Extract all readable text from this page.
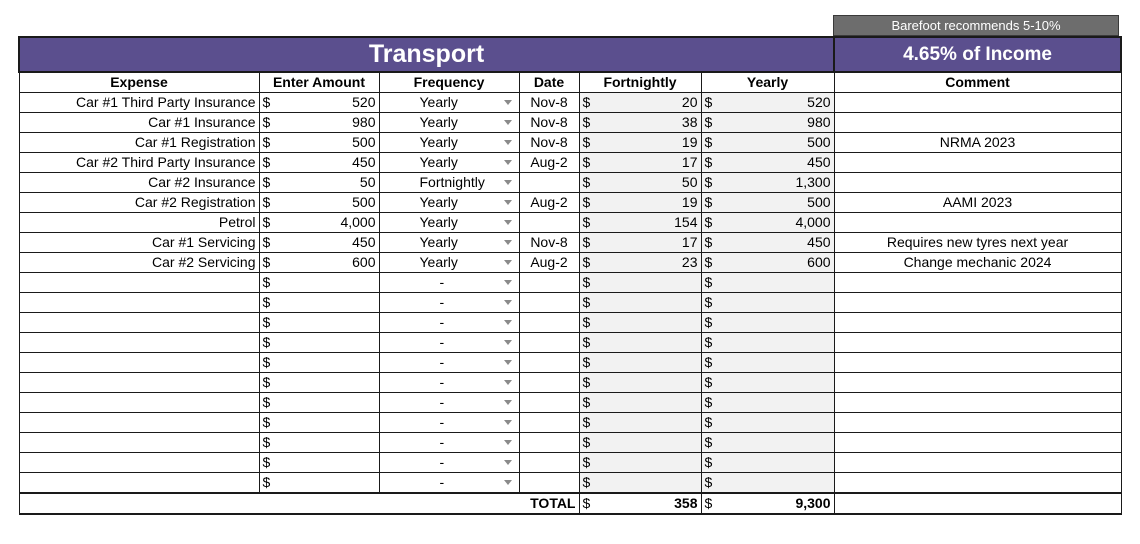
Barefoot recommends 5-10%
Transport						4.65% of Income
Expense	Enter Amount	Frequency	Date	Fortnightly	Yearly	Comment
Car #1 Third Party Insurance	$ 520	Yearly	Nov-8	$ 20	$ 520	

Car #1 Insurance	$ 980	Yearly	Nov-8	$ 38	$ 980	

Car #1 Registration	$ 500	Yearly	Nov-8	$ 19	$ 500	NRMA 2023
Car #2 Third Party Insurance	$ 450	Yearly	Aug-2	$ 17	$ 450	

Car #2 Insurance	$ 50	Fortnightly		$ 50	$ 1,300	

Car #2 Registration	$ 500	Yearly	Aug-2	$ 19	$ 500	AAMI 2023
Petrol	$ 4,000	Yearly		$ 154	$ 4,000	

Car #1 Servicing	$ 450	Yearly	Nov-8	$ 17	$ 450	Requires new tyres next year
Car #2 Servicing	$ 600	Yearly	Aug-2	$ 23	$ 600	Change mechanic 2024

	$	-		$	$	

	$	-		$	$	

	$	-		$	$	

	$	-		$	$	

	$	-		$	$	

	$	-		$	$	

	$	-		$	$	

	$	-		$	$	

	$	-		$	$	

	$	-		$	$	

	$	-		$	$	

TOTAL				$ 358	$ 9,300	
